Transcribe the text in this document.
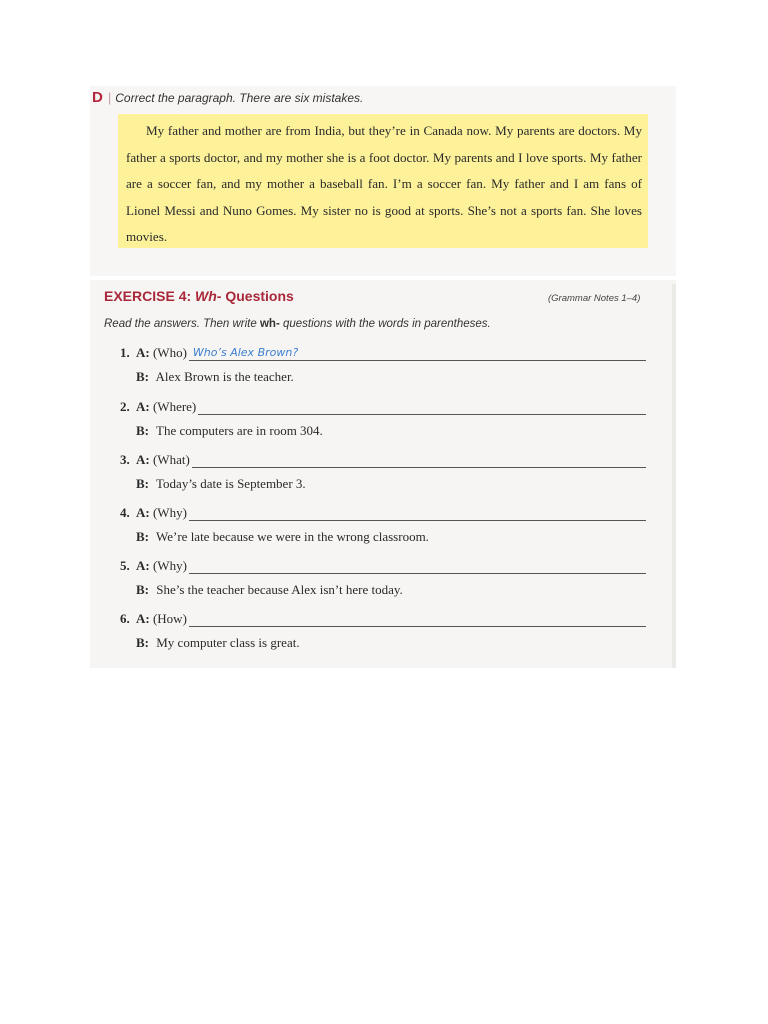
D | Correct the paragraph. There are six mistakes.

My father and mother are from India, but they’re in Canada now. My parents are doctors. My father a sports doctor, and my mother she is a foot doctor. My parents and I love sports. My father are a soccer fan, and my mother a baseball fan. I’m a soccer fan. My father and I am fans of Lionel Messi and Nuno Gomes. My sister no is good at sports. She’s not a sports fan. She loves movies.

EXERCISE 4: Wh- Questions	(Grammar Notes 1–4)
Read the answers. Then write wh- questions with the words in parentheses.
1. A:
(Who) Who’s Alex Brown?
B: Alex Brown is the teacher.
2. A:
(Where)
B: The computers are in room 304.
3. A:
(What)
B: Today’s date is September 3.
4. A:
(Why)
B: We’re late because we were in the wrong classroom.
5. A:
(Why)
B: She’s the teacher because Alex isn’t here today.
6. A:
(How)
B: My computer class is great.
